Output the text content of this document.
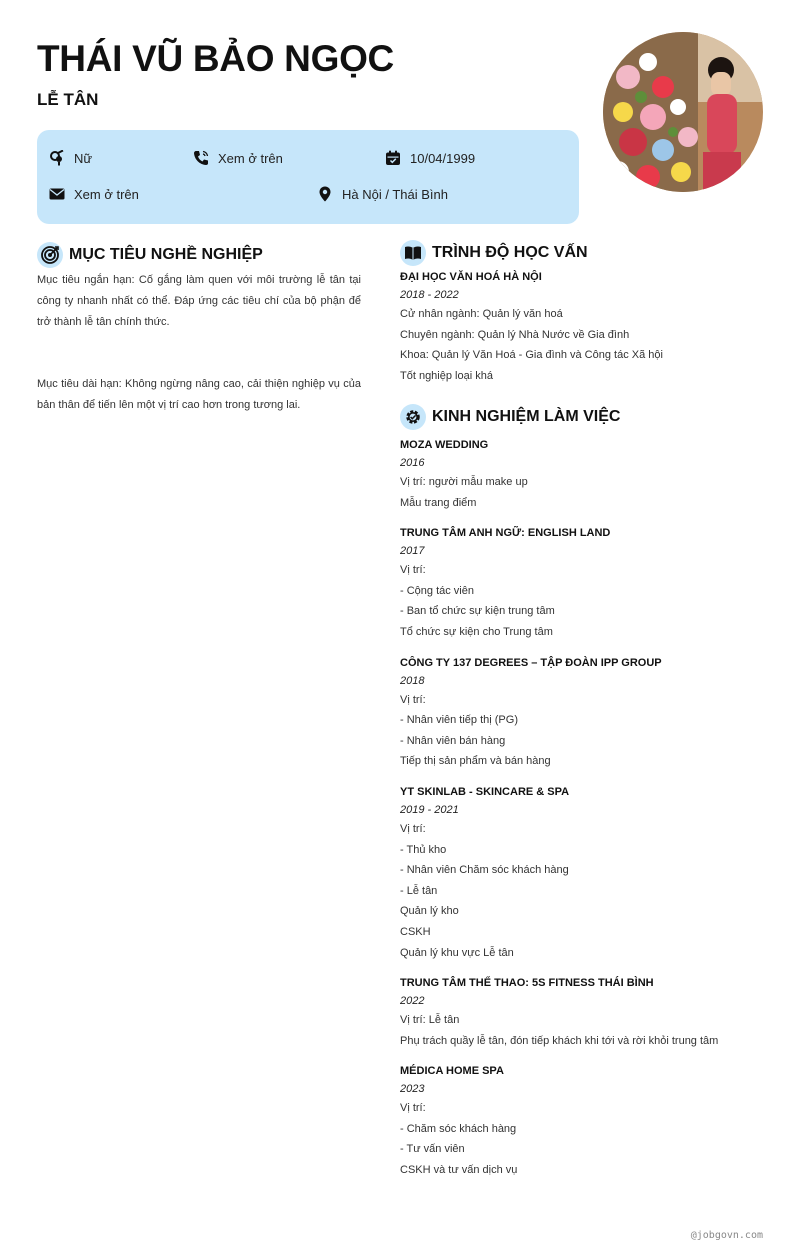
THÁI VŨ BẢO NGỌC
LỄ TÂN
Nữ	Xem ở trên	10/04/1999
Xem ở trên	Hà Nội / Thái Bình
MỤC TIÊU NGHỀ NGHIỆP

Mục tiêu ngắn hạn: Cố gắng làm quen với môi trường lễ tân tại công ty nhanh nhất có thể. Đáp ứng các tiêu chí của bộ phận để trở thành lễ tân chính thức.

Mục tiêu dài hạn: Không ngừng nâng cao, cải thiện nghiệp vụ của bản thân để tiến lên một vị trí cao hơn trong tương lai.

TRÌNH ĐỘ HỌC VẤN
ĐẠI HỌC VĂN HOÁ HÀ NỘI
2018 - 2022
Cử nhân ngành: Quản lý văn hoá
Chuyên ngành: Quản lý Nhà Nước về Gia đình
Khoa: Quản lý Văn Hoá - Gia đình và Công tác Xã hội
Tốt nghiệp loại khá
KINH NGHIỆM LÀM VIỆC
MOZA WEDDING
2016
Vị trí: người mẫu make up
Mẫu trang điểm
TRUNG TÂM ANH NGỮ: ENGLISH LAND
2017
Vị trí:
- Cộng tác viên
- Ban tổ chức sự kiện trung tâm
Tổ chức sự kiện cho Trung tâm
CÔNG TY 137 DEGREES – TẬP ĐOÀN IPP GROUP
2018
Vị trí:
- Nhân viên tiếp thị (PG)
- Nhân viên bán hàng
Tiếp thị sản phẩm và bán hàng
YT SKINLAB - SKINCARE & SPA
2019 - 2021
Vị trí:
- Thủ kho
- Nhân viên Chăm sóc khách hàng
- Lễ tân
Quản lý kho
CSKH
Quản lý khu vực Lễ tân
TRUNG TÂM THỂ THAO: 5S FITNESS THÁI BÌNH
2022
Vị trí: Lễ tân
Phụ trách quầy lễ tân, đón tiếp khách khi tới và rời khỏi trung tâm
MÉDICA HOME SPA
2023
Vị trí:
- Chăm sóc khách hàng
- Tư vấn viên
CSKH và tư vấn dịch vụ
@jobgovn.com
